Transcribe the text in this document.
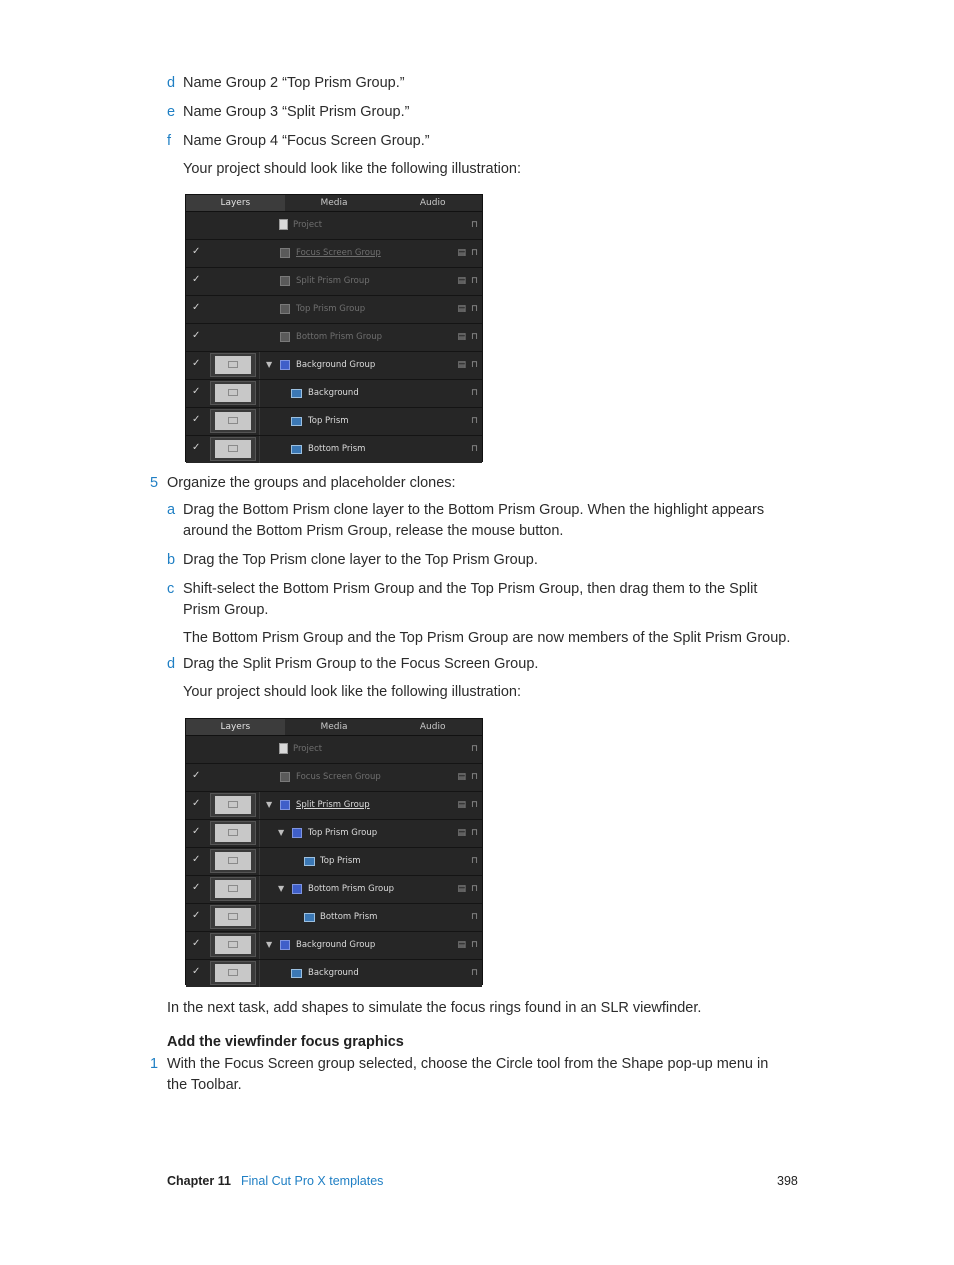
d Name Group 2 “Top Prism Group.”
e Name Group 3 “Split Prism Group.”
f Name Group 4 “Focus Screen Group.”
Your project should look like the following illustration:
Layers	Media	Audio
Project	⊓
✓	Focus Screen Group	▤ ⊓
✓	Split Prism Group	▤ ⊓
✓	Top Prism Group	▤ ⊓
✓	Bottom Prism Group	▤ ⊓
✓	▼	Background Group	▤ ⊓
✓	Background	⊓
✓	Top Prism	⊓
✓	Bottom Prism	⊓
5 Organize the groups and placeholder clones:
a Drag the Bottom Prism clone layer to the Bottom Prism Group. When the highlight appears
around the Bottom Prism Group, release the mouse button.
b Drag the Top Prism clone layer to the Top Prism Group.
c Shift-select the Bottom Prism Group and the Top Prism Group, then drag them to the Split
Prism Group.
The Bottom Prism Group and the Top Prism Group are now members of the Split Prism Group.
d Drag the Split Prism Group to the Focus Screen Group.
Your project should look like the following illustration:
Layers	Media	Audio
Project	⊓
✓	Focus Screen Group	▤ ⊓
✓	▼	Split Prism Group	▤ ⊓
✓	▼	Top Prism Group	▤ ⊓
✓	Top Prism	⊓
✓	▼	Bottom Prism Group	▤ ⊓
✓	Bottom Prism	⊓
✓	▼	Background Group	▤ ⊓
✓	Background	⊓
In the next task, add shapes to simulate the focus rings found in an SLR viewfinder.
Add the viewfinder focus graphics
1 With the Focus Screen group selected, choose the Circle tool from the Shape pop-up menu in
the Toolbar.
Chapter 11 Final Cut Pro X templates	398
